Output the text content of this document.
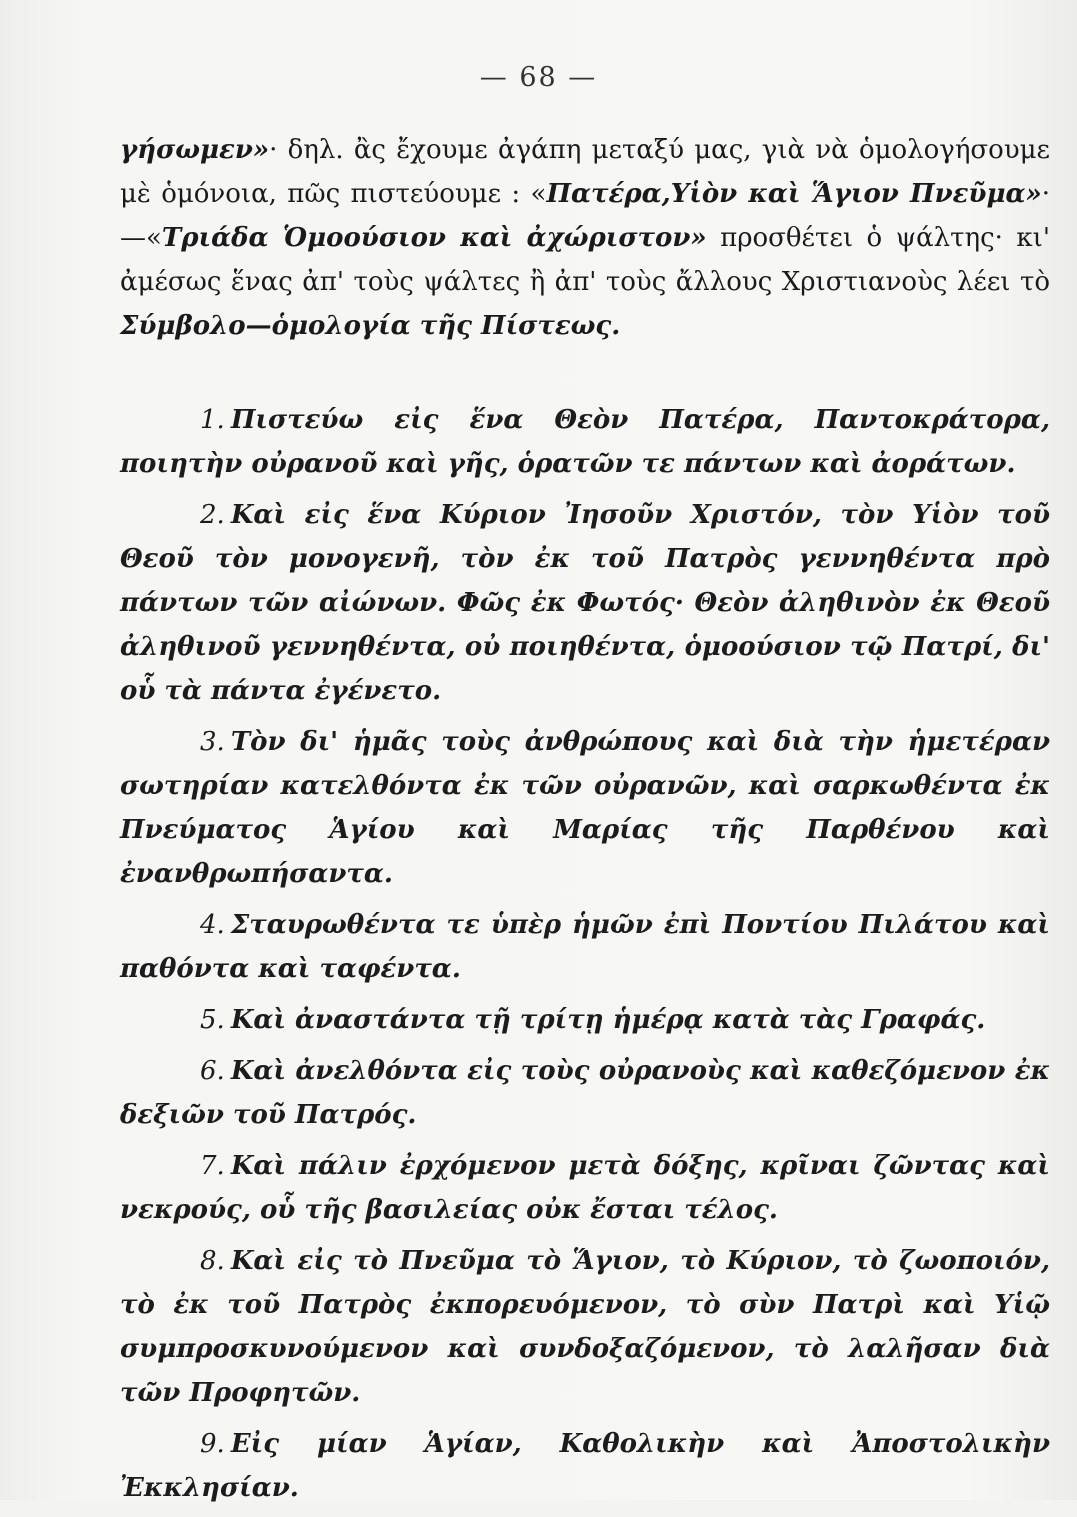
— 68 —

γήσωμεν»· δηλ. ἂς ἔχουμε ἀγάπη μεταξύ μας, γιὰ νὰ ὁμολογήσουμε μὲ ὁμόνοια, πῶς πιστεύουμε : «Πατέρα,Υἱὸν καὶ Ἅγιον Πνεῦμα»· —«Τριάδα Ὁμοούσιον καὶ ἀχώριστον» προσθέτει ὁ ψάλτης· κι' ἀμέσως ἕνας ἀπ' τοὺς ψάλτες ἢ ἀπ' τοὺς ἄλλους Χριστιανοὺς λέει τὸ Σύμβολο—ὁμολογία τῆς Πίστεως.

1. Πιστεύω εἰς ἕνα Θεὸν Πατέρα, Παντοκράτορα, ποιητὴν οὐρανοῦ καὶ γῆς, ὁρατῶν τε πάντων καὶ ἀοράτων.

2. Καὶ εἰς ἕνα Κύριον Ἰησοῦν Χριστόν, τὸν Υἱὸν τοῦ Θεοῦ τὸν μονογενῆ, τὸν ἐκ τοῦ Πατρὸς γεννηθέντα πρὸ πάντων τῶν αἰώνων. Φῶς ἐκ Φωτός· Θεὸν ἀληθινὸν ἐκ Θεοῦ ἀληθινοῦ γεννηθέντα, οὐ ποιηθέντα, ὁμοούσιον τῷ Πατρί, δι' οὗ τὰ πάντα ἐγένετο.

3. Τὸν δι' ἡμᾶς τοὺς ἀνθρώπους καὶ διὰ τὴν ἡμετέραν σωτηρίαν κατελθόντα ἐκ τῶν οὐρανῶν, καὶ σαρκωθέντα ἐκ Πνεύματος Ἁγίου καὶ Μαρίας τῆς Παρθένου καὶ ἐνανθρωπήσαντα.

4. Σταυρωθέντα τε ὑπὲρ ἡμῶν ἐπὶ Ποντίου Πιλάτου καὶ παθόντα καὶ ταφέντα.

5. Καὶ ἀναστάντα τῇ τρίτῃ ἡμέρᾳ κατὰ τὰς Γραφάς.

6. Καὶ ἀνελθόντα εἰς τοὺς οὐρανοὺς καὶ καθεζόμενον ἐκ δεξιῶν τοῦ Πατρός.

7. Καὶ πάλιν ἐρχόμενον μετὰ δόξης, κρῖναι ζῶντας καὶ νεκρούς, οὗ τῆς βασιλείας οὐκ ἔσται τέλος.

8. Καὶ εἰς τὸ Πνεῦμα τὸ Ἅγιον, τὸ Κύριον, τὸ ζωοποιόν, τὸ ἐκ τοῦ Πατρὸς ἐκπορευόμενον, τὸ σὺν Πατρὶ καὶ Υἱῷ συμπροσκυνούμενον καὶ συνδοξαζόμενον, τὸ λαλῆσαν διὰ τῶν Προφητῶν.

9. Εἰς μίαν Ἁγίαν, Καθολικὴν καὶ Ἀποστολικὴν Ἐκκλησίαν.
